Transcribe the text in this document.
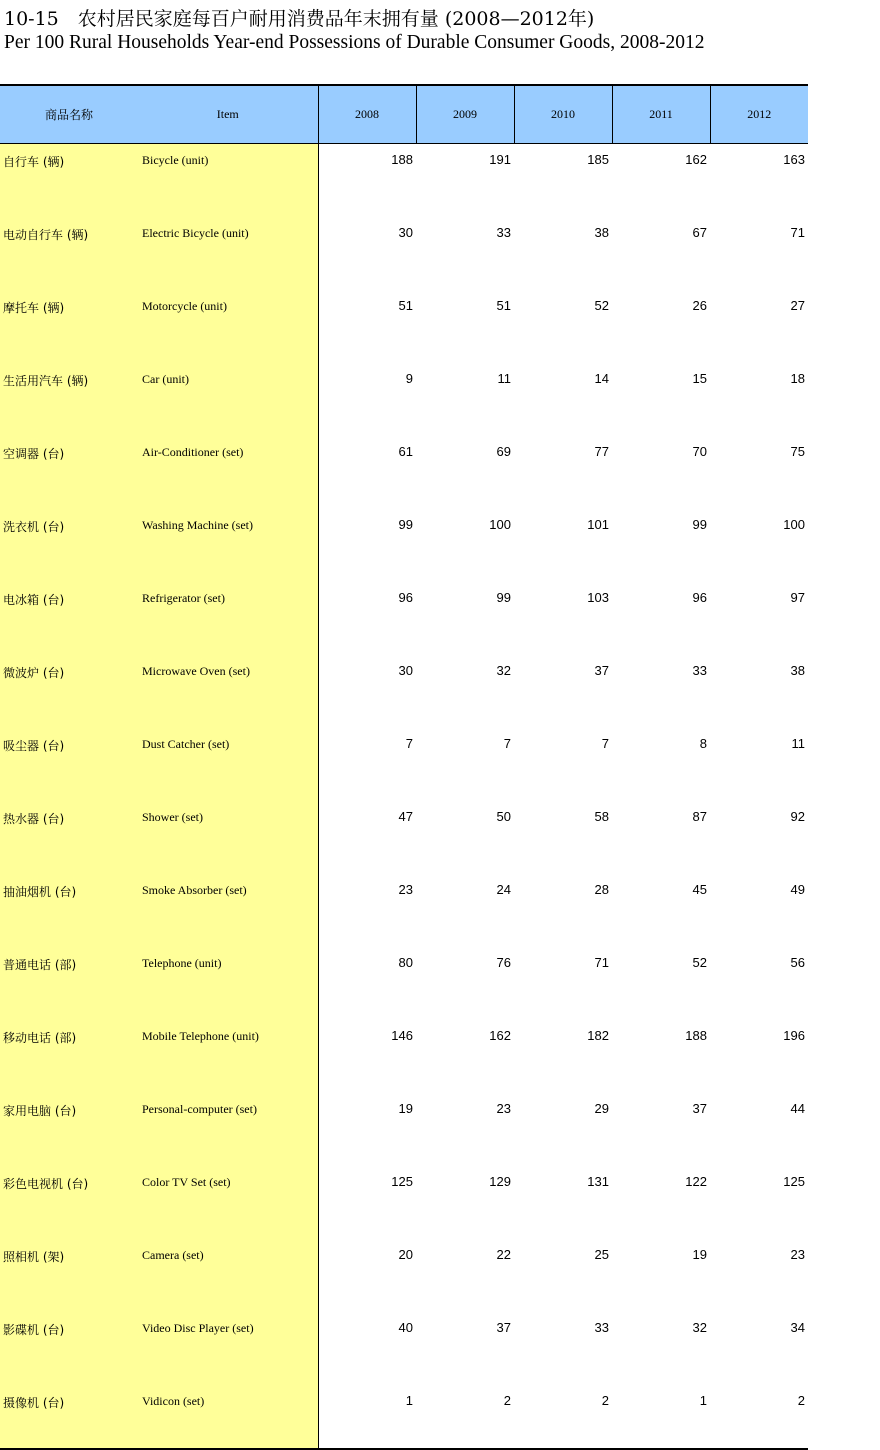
10-15　农村居民家庭每百户耐用消费品年末拥有量 (2008—2012年)
Per 100 Rural Households Year-end Possessions of Durable Consumer Goods, 2008-2012
商品名称	Item	2008	2009	2010	2011	2012
自行车 (辆)	Bicycle (unit)	188	191	185	162	163
电动自行车 (辆)	Electric Bicycle (unit)	30	33	38	67	71
摩托车 (辆)	Motorcycle (unit)	51	51	52	26	27
生活用汽车 (辆)	Car (unit)	9	11	14	15	18
空调器 (台)	Air-Conditioner (set)	61	69	77	70	75
洗衣机 (台)	Washing Machine (set)	99	100	101	99	100
电冰箱 (台)	Refrigerator (set)	96	99	103	96	97
微波炉 (台)	Microwave Oven (set)	30	32	37	33	38
吸尘器 (台)	Dust Catcher (set)	7	7	7	8	11
热水器 (台)	Shower (set)	47	50	58	87	92
抽油烟机 (台)	Smoke Absorber (set)	23	24	28	45	49
普通电话 (部)	Telephone (unit)	80	76	71	52	56
移动电话 (部)	Mobile Telephone (unit)	146	162	182	188	196
家用电脑 (台)	Personal-computer (set)	19	23	29	37	44
彩色电视机 (台)	Color TV Set (set)	125	129	131	122	125
照相机 (架)	Camera (set)	20	22	25	19	23
影碟机 (台)	Video Disc Player (set)	40	37	33	32	34
摄像机 (台)	Vidicon (set)	1	2	2	1	2
